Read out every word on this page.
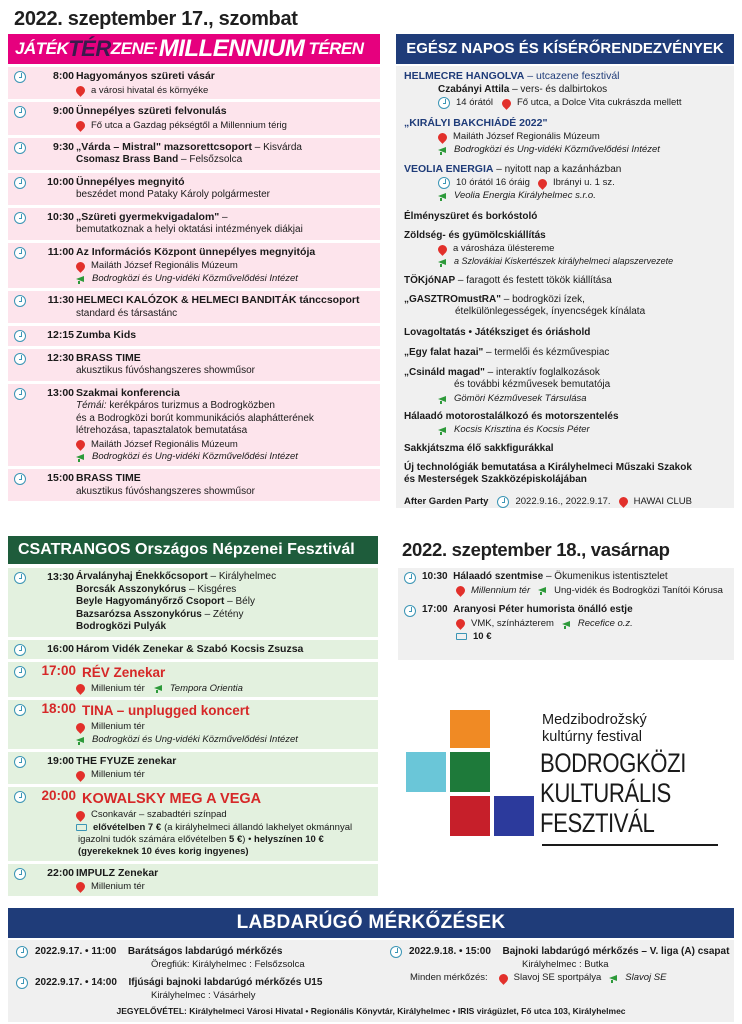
2022. szeptember 17., szombat
JÁTÉK TÉR ZENE • MILLENNIUM TÉREN
8:00 Hagyományos szüreti vásár
a városi hivatal és környéke
9:00 Ünnepélyes szüreti felvonulás
Fő utca a Gazdag pékségtől a Millennium térig
9:30 „Várda – Mistral" mazsorettcsoport – Kisvárda
Csomasz Brass Band – Felsőzsolca
10:00 Ünnepélyes megnyitó
beszédet mond Pataky Károly polgármester
10:30 „Szüreti gyermekvigadalom" –
bemutatkoznak a helyi oktatási intézmények diákjai
11:00 Az Információs Központ ünnepélyes megnyitója
Mailáth József Regionális Múzeum
Bodrogközi és Ung-vidéki Közművelődési Intézet
11:30 HELMECI KALÓZOK & HELMECI BANDITÁK tánccsoport
standard és társastánc
12:15 Zumba Kids
12:30 BRASS TIME
akusztikus fúvóshangszeres showműsor
13:00 Szakmai konferencia
Témái: kerékpáros turizmus a Bodrogközben
és a Bodrogközi borút kommunikációs alaphátterének
létrehozása, tapasztalatok bemutatása
Mailáth József Regionális Múzeum
Bodrogközi és Ung-vidéki Közművelődési Intézet
15:00 BRASS TIME
akusztikus fúvóshangszeres showműsor
EGÉSZ NAPOS ÉS KÍSÉRŐRENDEZVÉNYEK
HELMECRE HANGOLVA – utcazene fesztivál
Czabányi Attila – vers- és dalbirtokos
14 órától	Fő utca, a Dolce Vita cukrászda mellett
„KIRÁLYI BAKCHIÁDÉ 2022"
Mailáth József Regionális Múzeum
Bodrogközi és Ung-vidéki Közművelődési Intézet
VEOLIA ENERGIA – nyitott nap a kazánházban
10 órától 16 óráig Ibrányi u. 1 sz.
Veolia Energia Királyhelmec s.r.o.
Élményszüret és borkóstoló
Zöldség- és gyümölcskiállítás
a városháza üléstereme
a Szlovákiai Kiskertészek királyhelmeci alapszervezete
TÖKjóNAP – faragott és festett tökök kiállítása
„GASZTROmustRA" – bodrogközi ízek,
ételkülönlegességek, ínyencségek kínálata
Lovagoltatás • Játéksziget és óriáshold
„Egy falat hazai" – termelői és kézművespiac
„Csináld magad" – interaktív foglalkozások
és további kézművesek bemutatója
Gömöri Kézművesek Társulása
Hálaadó motorostalálkozó és motorszentelés
Kocsis Krisztina és Kocsis Péter
Sakkjátszma élő sakkfigurákkal
Új technológiák bemutatása a Királyhelmeci Műszaki Szakok
és Mesterségek Szakközépiskolájában
After Garden Party	2022.9.16., 2022.9.17. HAWAI CLUB
CSATRANGOS Országos Népzenei Fesztivál
13:30 Árvalányhaj Énekkőcsoport – Királyhelmec
Borcsák Asszonykórus – Kisgéres
Beyle Hagyományőrző Csoport – Bély
Bazsarózsa Asszonykórus – Zétény
Bodrogközi Pulyák
16:00 Három Vidék Zenekar & Szabó Kocsis Zsuzsa
17:00 RÉV Zenekar
Millenium tér	Tempora Orientia
18:00 TINA – unplugged koncert
Millenium tér
Bodrogközi és Ung-vidéki Közművelődési Intézet
19:00 THE FYUZE zenekar
Millenium tér
20:00 KOWALSKY MEG A VEGA
Csonkavár – szabadtéri színpad
elővételben 7 € (a királyhelmeci állandó lakhelyet okmánnyal
igazolni tudók számára elővételben 5 €) • helyszínen 10 €
(gyerekeknek 10 éves korig ingyenes)
22:00 IMPULZ Zenekar
Millenium tér
2022. szeptember 18., vasárnap
10:30 Hálaadó szentmise – Ökumenikus istentisztelet
Millennium tér	Ung-vidék és Bodrogközi Tanítói Kórusa
17:00 Aranyosi Péter humorista önálló estje
VMK, színházterem	Recefice o.z.
10 €
Medzibodrožský
kultúrny festival
BODROGKÖZI
KULTURÁLIS
FESZTIVÁL
LABDARÚGÓ MÉRKŐZÉSEK
2022.9.17. • 11:00
Barátságos labdarúgó mérkőzés
Öregfiúk: Királyhelmec : Felsőzsolca
2022.9.17. • 14:00
Ifjúsági bajnoki labdarúgó mérkőzés U15
Királyhelmec : Vásárhely
2022.9.18. • 15:00
Bajnoki labdarúgó mérkőzés – V. liga (A) csapat
Királyhelmec : Butka
Minden mérkőzés:	Slavoj SE sportpálya	Slavoj SE
JEGYELŐVÉTEL: Királyhelmeci Városi Hivatal • Regionális Könyvtár, Királyhelmec • IRIS virágüzlet, Fő utca 103, Királyhelmec
